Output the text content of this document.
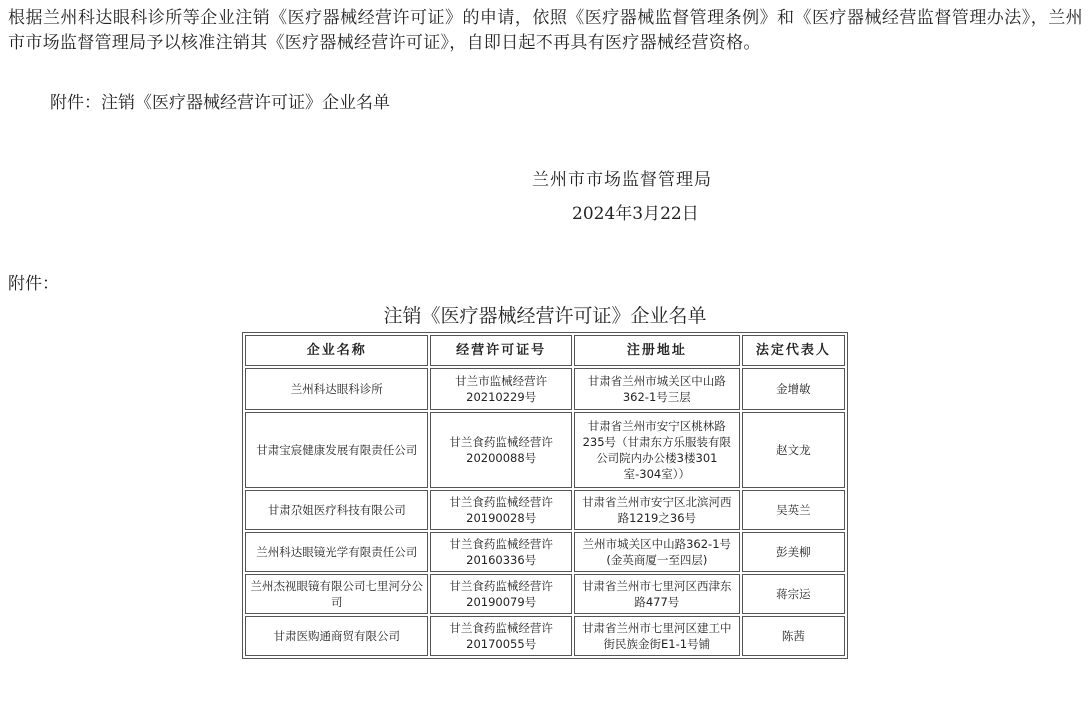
根据兰州科达眼科诊所等企业注销《医疗器械经营许可证》的申请，依照《医疗器械监督管理条例》和《医疗器械经营监督管理办法》，兰州市市场监督管理局予以核准注销其《医疗器械经营许可证》，自即日起不再具有医疗器械经营资格。

附件：注销《医疗器械经营许可证》企业名单

兰州市市场监督管理局

2024年3月22日

附件：

注销《医疗器械经营许可证》企业名单

企业名称	经营许可证号	注册地址	法定代表人
兰州科达眼科诊所	甘兰市监械经营许20210229号	甘肃省兰州市城关区中山路362-1号三层	金增敏
甘肃宝宸健康发展有限责任公司	甘兰食药监械经营许20200088号	甘肃省兰州市安宁区桃林路235号（甘肃东方乐服装有限公司院内办公楼3楼301室-304室））	赵文龙
甘肃尕姐医疗科技有限公司	甘兰食药监械经营许20190028号	甘肃省兰州市安宁区北滨河西路1219之36号	吴英兰
兰州科达眼镜光学有限责任公司	甘兰食药监械经营许20160336号	兰州市城关区中山路362-1号(金英商厦一至四层)	彭美柳
兰州杰视眼镜有限公司七里河分公司	甘兰食药监械经营许20190079号	甘肃省兰州市七里河区西津东路477号	蒋宗运
甘肃医购通商贸有限公司	甘兰食药监械经营许20170055号	甘肃省兰州市七里河区建工中街民族金街E1-1号铺	陈茜
